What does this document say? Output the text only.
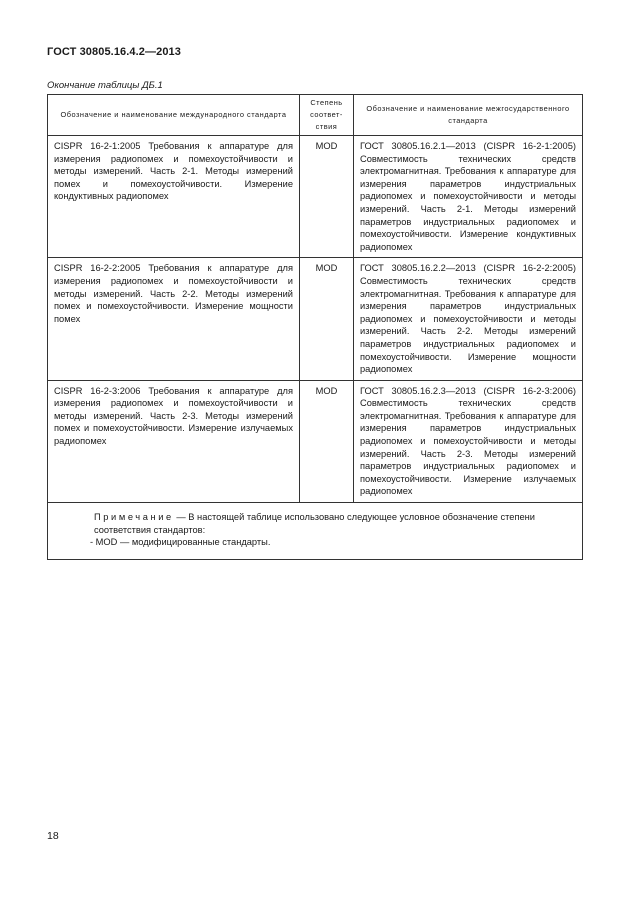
ГОСТ 30805.16.4.2—2013
Окончание таблицы ДБ.1
Обозначение и наименование международного стандарта	Степень соответ-ствия	Обозначение и наименование межгосударственного стандарта
CISPR 16-2-1:2005 Требования к аппаратуре для измерения радиопомех и помехоустойчивости и методы измерений. Часть 2-1. Методы измерений помех и помехоустойчивости. Измерение кондуктивных радиопомех	MOD	ГОСТ 30805.16.2.1—2013 (CISPR 16-2-1:2005) Совместимость технических средств электромагнитная. Требования к аппаратуре для измерения параметров индустриальных радиопомех и помехоустойчивости и методы измерений. Часть 2-1. Методы измерений параметров индустриальных радиопомех и помехоустойчивости. Измерение кондуктивных радиопомех
CISPR 16-2-2:2005 Требования к аппаратуре для измерения радиопомех и помехоустойчивости и методы измерений. Часть 2-2. Методы измерений помех и помехоустойчивости. Измерение мощности помех	MOD	ГОСТ 30805.16.2.2—2013 (CISPR 16-2-2:2005) Совместимость технических средств электромагнитная. Требования к аппаратуре для измерения параметров индустриальных радиопомех и помехоустойчивости и методы измерений. Часть 2-2. Методы измерений параметров индустриальных радиопомех и помехоустойчивости. Измерение мощности радиопомех
CISPR 16-2-3:2006 Требования к аппаратуре для измерения радиопомех и помехоустойчивости и методы измерений. Часть 2-3. Методы измерений помех и помехоустойчивости. Измерение излучаемых радиопомех	MOD	ГОСТ 30805.16.2.3—2013 (CISPR 16-2-3:2006) Совместимость технических средств электромагнитная. Требования к аппаратуре для измерения параметров индустриальных радиопомех и помехоустойчивости и методы измерений. Часть 2-3. Методы измерений параметров индустриальных радиопомех и помехоустойчивости. Измерение излучаемых радиопомех

Примечание — В настоящей таблице использовано следующее условное обозначение степени соответствия стандартов:
- MOD — модифицированные стандарты.		
18
